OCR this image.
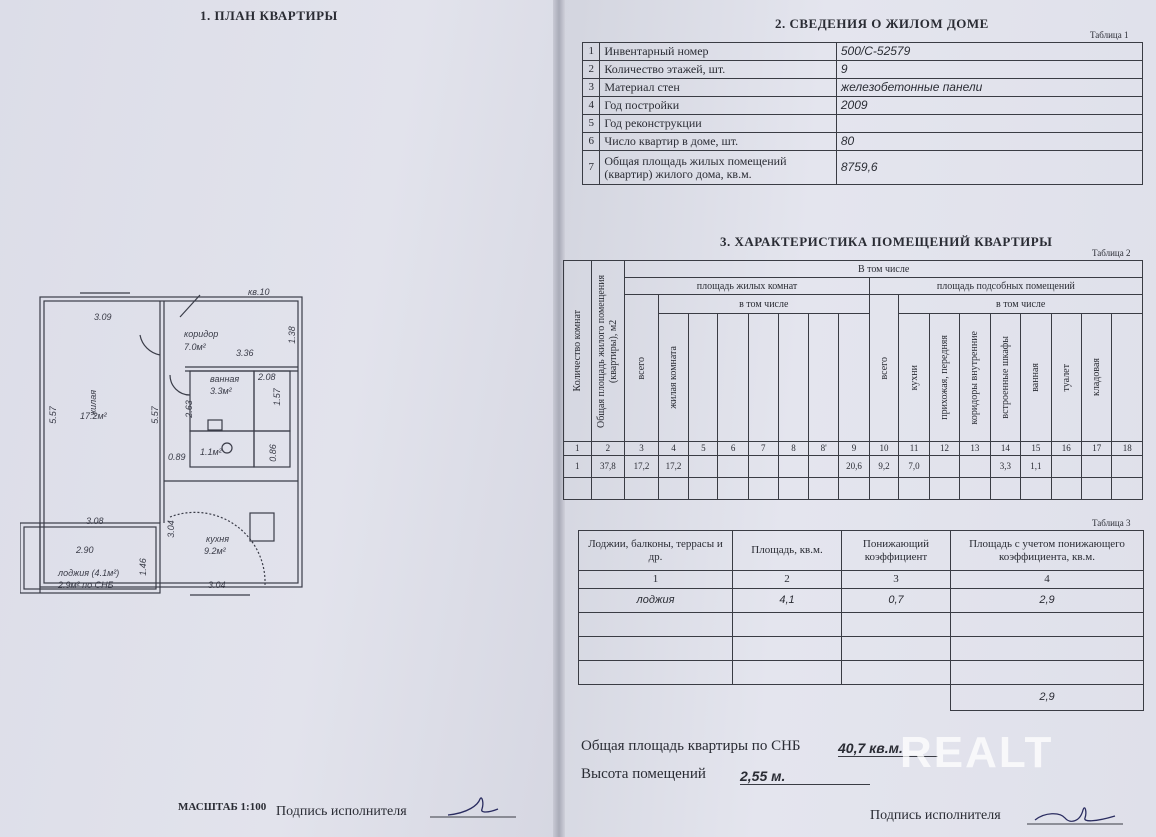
1. ПЛАН КВАРТИРЫ
кв.10
3.09
коридор
7.0м²
3.36
1.38
ванная
3.3м²
2.08
1.57
2.63
жилая
17.2м²
5.57	5.57
1.1м²
0.89	0.86
3.08	3.04
кухня
9.2м²
2.90
1.46
лоджия (4.1м²)
2.9м² по СНБ	3.04
МАСШТАБ 1:100 Подпись исполнителя
2. СВЕДЕНИЯ О ЖИЛОМ ДОМЕ
Таблица 1
1	Инвентарный номер	500/С-52579
2	Количество этажей, шт.	9
3	Материал стен	железобетонные панели
4	Год постройки	2009
5	Год реконструкции	
6	Число квартир в доме, шт.	80
7	Общая площадь жилых помещений (квартир) жилого дома, кв.м.	8759,6
3. ХАРАКТЕРИСТИКА ПОМЕЩЕНИЙ КВАРТИРЫ
Таблица 2
Количество комнат	Общая площадь жилого помещения (квартиры), м2	В том числе																
		площадь жилых комнат								площадь подсобных помещений								

		всего	в том числе							всего	в том числе							

			жилая комната								кухни	прихожая, передняя	коридоры внутренние	встроенные шкафы	ванная	туалет	кладовая	

1	2	3	4	5	6	7	8	8'	9	10	11	12	13	14	15	16	17	18
1	37,8	17,2	17,2						20,6	9,2	7,0			3,3	1,1			

Таблица 3
Лоджии, балконы, террасы и др.	Площадь, кв.м.	Понижающий коэффициент	Площадь с учетом понижающего коэффициента, кв.м.
1	2	3	4
лоджия	4,1	0,7	2,9

			2,9
Общая площадь квартиры по СНБ	40,7 кв.м.
Высота помещений 2,55 м.	REALT
Подпись исполнителя
